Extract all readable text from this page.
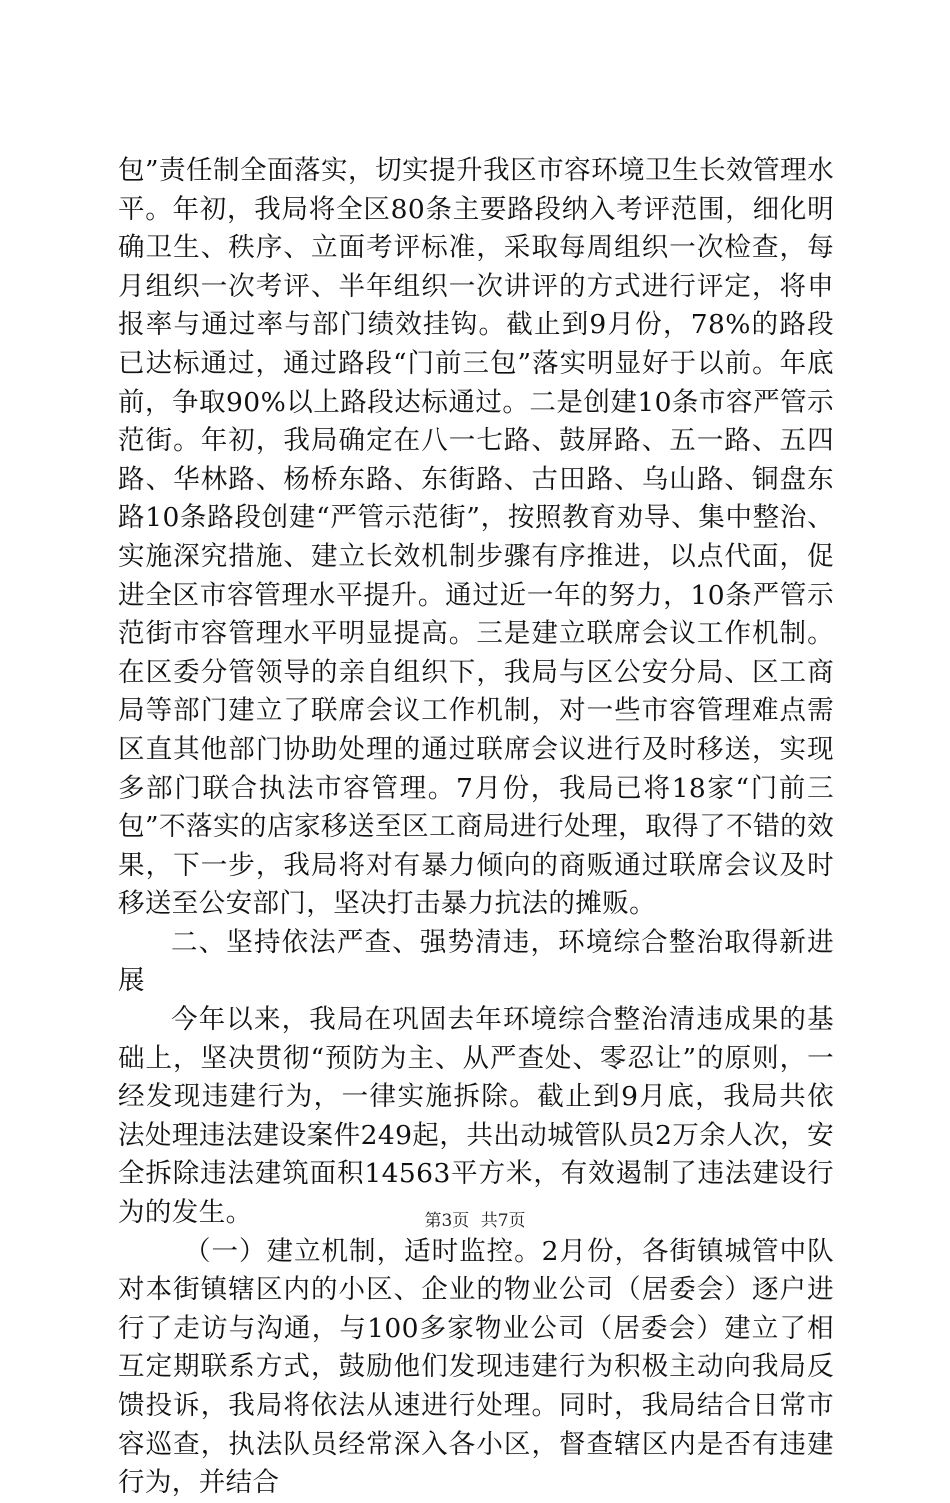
包”责任制全面落实，切实提升我区市容环境卫生长效管理水平。年初，我局将全区80条主要路段纳入考评范围，细化明确卫生、秩序、立面考评标准，采取每周组织一次检查，每月组织一次考评、半年组织一次讲评的方式进行评定，将申报率与通过率与部门绩效挂钩。截止到9月份，78%的路段已达标通过，通过路段“门前三包”落实明显好于以前。年底前，争取90%以上路段达标通过。二是创建10条市容严管示范街。年初，我局确定在八一七路、鼓屏路、五一路、五四路、华林路、杨桥东路、东街路、古田路、乌山路、铜盘东路10条路段创建“严管示范街”，按照教育劝导、集中整治、实施深究措施、建立长效机制步骤有序推进，以点代面，促进全区市容管理水平提升。通过近一年的努力，10条严管示范街市容管理水平明显提高。三是建立联席会议工作机制。在区委分管领导的亲自组织下，我局与区公安分局、区工商局等部门建立了联席会议工作机制，对一些市容管理难点需区直其他部门协助处理的通过联席会议进行及时移送，实现多部门联合执法市容管理。7月份，我局已将18家“门前三包”不落实的店家移送至区工商局进行处理，取得了不错的效果，下一步，我局将对有暴力倾向的商贩通过联席会议及时移送至公安部门，坚决打击暴力抗法的摊贩。

二、坚持依法严查、强势清违，环境综合整治取得新进展

今年以来，我局在巩固去年环境综合整治清违成果的基础上，坚决贯彻“预防为主、从严查处、零忍让”的原则，一经发现违建行为，一律实施拆除。截止到9月底，我局共依法处理违法建设案件249起，共出动城管队员2万余人次，安全拆除违法建筑面积14563平方米，有效遏制了违法建设行为的发生。

（一）建立机制，适时监控。2月份，各街镇城管中队对本街镇辖区内的小区、企业的物业公司（居委会）逐户进行了走访与沟通，与100多家物业公司（居委会）建立了相互定期联系方式，鼓励他们发现违建行为积极主动向我局反馈投诉，我局将依法从速进行处理。同时，我局结合日常市容巡查，执法队员经常深入各小区，督查辖区内是否有违建行为，并结合

第3页 共7页
